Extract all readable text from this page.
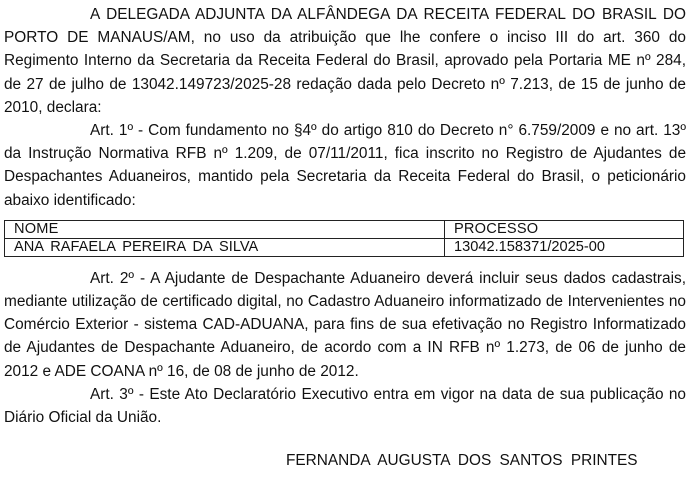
A DELEGADA ADJUNTA DA ALFÂNDEGA DA RECEITA FEDERAL DO BRASIL DO PORTO DE MANAUS/AM, no uso da atribuição que lhe confere o inciso III do art. 360 do Regimento Interno da Secretaria da Receita Federal do Brasil, aprovado pela Portaria ME nº 284, de 27 de julho de 13042.149723/2025-28 redação dada pelo Decreto nº 7.213, de 15 de junho de 2010, declara:

Art. 1º - Com fundamento no §4º do artigo 810 do Decreto n° 6.759/2009 e no art. 13º da Instrução Normativa RFB nº 1.209, de 07/11/2011, fica inscrito no Registro de Ajudantes de Despachantes Aduaneiros, mantido pela Secretaria da Receita Federal do Brasil, o peticionário abaixo identificado:

NOME	PROCESSO
ANA RAFAELA PEREIRA DA SILVA	13042.158371/2025-00

Art. 2º - A Ajudante de Despachante Aduaneiro deverá incluir seus dados cadastrais, mediante utilização de certificado digital, no Cadastro Aduaneiro informatizado de Intervenientes no Comércio Exterior - sistema CAD-ADUANA, para fins de sua efetivação no Registro Informatizado de Ajudantes de Despachante Aduaneiro, de acordo com a IN RFB nº 1.273, de 06 de junho de 2012 e ADE COANA nº 16, de 08 de junho de 2012.

Art. 3º - Este Ato Declaratório Executivo entra em vigor na data de sua publicação no Diário Oficial da União.

FERNANDA AUGUSTA DOS SANTOS PRINTES
